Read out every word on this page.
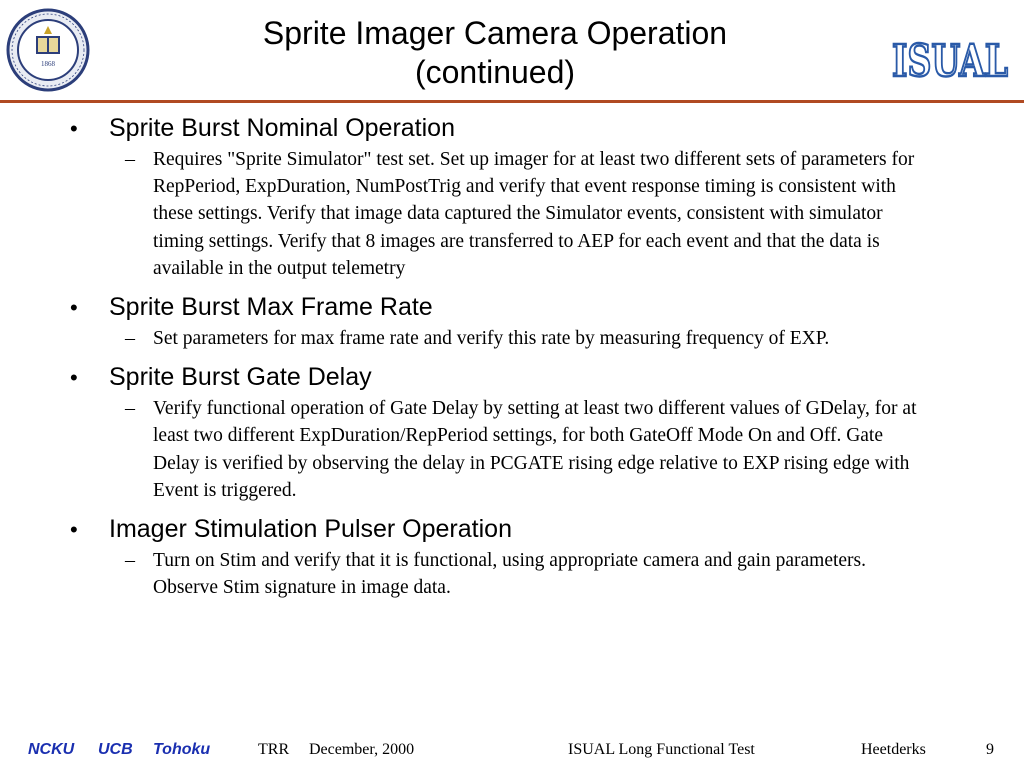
1868
Sprite Imager Camera Operation
(continued)	ISUAL
• Sprite Burst Nominal Operation
– Requires "Sprite Simulator" test set. Set up imager for at least two different sets of parameters for RepPeriod, ExpDuration, NumPostTrig and verify that event response timing is consistent with these settings. Verify that image data captured the Simulator events, consistent with simulator timing settings. Verify that 8 images are transferred to AEP for each event and that the data is available in the output telemetry
• Sprite Burst Max Frame Rate
– Set parameters for max frame rate and verify this rate by measuring frequency of EXP.
• Sprite Burst Gate Delay
– Verify functional operation of Gate Delay by setting at least two different values of GDelay, for at least two different ExpDuration/RepPeriod settings, for both GateOff Mode On and Off. Gate Delay is verified by observing the delay in PCGATE rising edge relative to EXP rising edge with Event is triggered.
• Imager Stimulation Pulser Operation
– Turn on Stim and verify that it is functional, using appropriate camera and gain parameters. Observe Stim signature in image data.
NCKU UCB Tohoku	TRR December, 2000	ISUAL Long Functional Test	Heetderks	9
